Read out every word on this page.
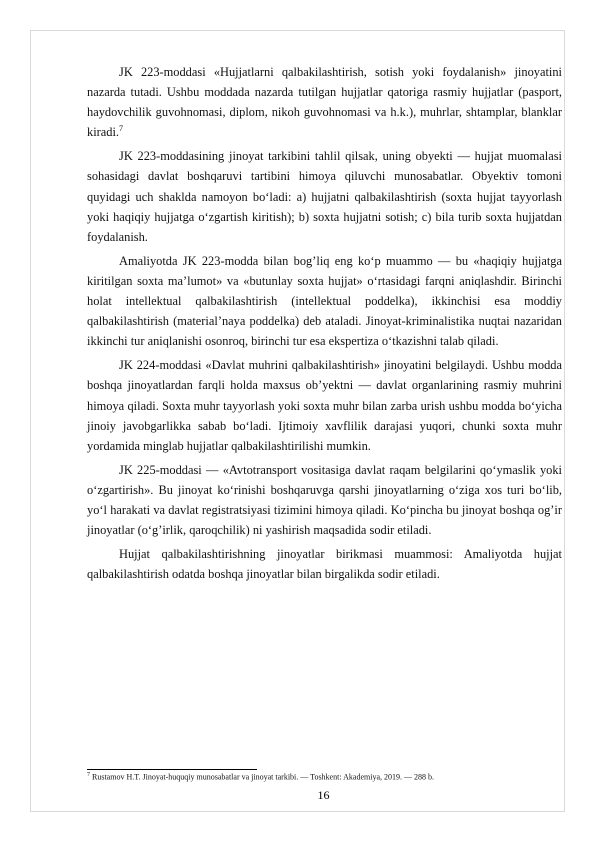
JK 223-moddasi «Hujjatlarni qalbakilashtirish, sotish yoki foydalanish» jinoyatini nazarda tutadi. Ushbu moddada nazarda tutilgan hujjatlar qatoriga rasmiy hujjatlar (pasport, haydovchilik guvohnomasi, diplom, nikoh guvohnomasi va h.k.), muhrlar, shtamplar, blanklar kiradi.$^7$

JK 223-moddasining jinoyat tarkibini tahlil qilsak, uning obyekti — hujjat muomalasi sohasidagi davlat boshqaruvi tartibini himoya qiluvchi munosabatlar. Obyektiv tomoni quyidagi uch shaklda namoyon bo‘ladi: a) hujjatni qalbakilashtirish (soxta hujjat tayyorlash yoki haqiqiy hujjatga o‘zgartish kiritish); b) soxta hujjatni sotish; c) bila turib soxta hujjatdan foydalanish.

Amaliyotda JK 223-modda bilan bog’liq eng ko‘p muammo — bu «haqiqiy hujjatga kiritilgan soxta ma’lumot» va «butunlay soxta hujjat» o‘rtasidagi farqni aniqlashdir. Birinchi holat intellektual qalbakilashtirish (intellektual poddelka), ikkinchisi esa moddiy qalbakilashtirish (material’naya poddelka) deb ataladi. Jinoyat-kriminalistika nuqtai nazaridan ikkinchi tur aniqlanishi osonroq, birinchi tur esa ekspertiza o‘tkazishni talab qiladi.

JK 224-moddasi «Davlat muhrini qalbakilashtirish» jinoyatini belgilaydi. Ushbu modda boshqa jinoyatlardan farqli holda maxsus ob’yektni — davlat organlarining rasmiy muhrini himoya qiladi. Soxta muhr tayyorlash yoki soxta muhr bilan zarba urish ushbu modda bo‘yicha jinoiy javobgarlikka sabab bo‘ladi. Ijtimoiy xavflilik darajasi yuqori, chunki soxta muhr yordamida minglab hujjatlar qalbakilashtirilishi mumkin.

JK 225-moddasi — «Avtotransport vositasiga davlat raqam belgilarini qo‘ymaslik yoki o‘zgartirish». Bu jinoyat ko‘rinishi boshqaruvga qarshi jinoyatlarning o‘ziga xos turi bo‘lib, yo‘l harakati va davlat registratsiyasi tizimini himoya qiladi. Ko‘pincha bu jinoyat boshqa og’ir jinoyatlar (o‘g’irlik, qaroqchilik) ni yashirish maqsadida sodir etiladi.

Hujjat qalbakilashtirishning jinoyatlar birikmasi muammosi: Amaliyotda hujjat qalbakilashtirish odatda boshqa jinoyatlar bilan birgalikda sodir etiladi.

$^7$ Rustamov H.T. Jinoyat-huquqiy munosabatlar va jinoyat tarkibi. — Toshkent: Akademiya, 2019. — 288 b.
16
